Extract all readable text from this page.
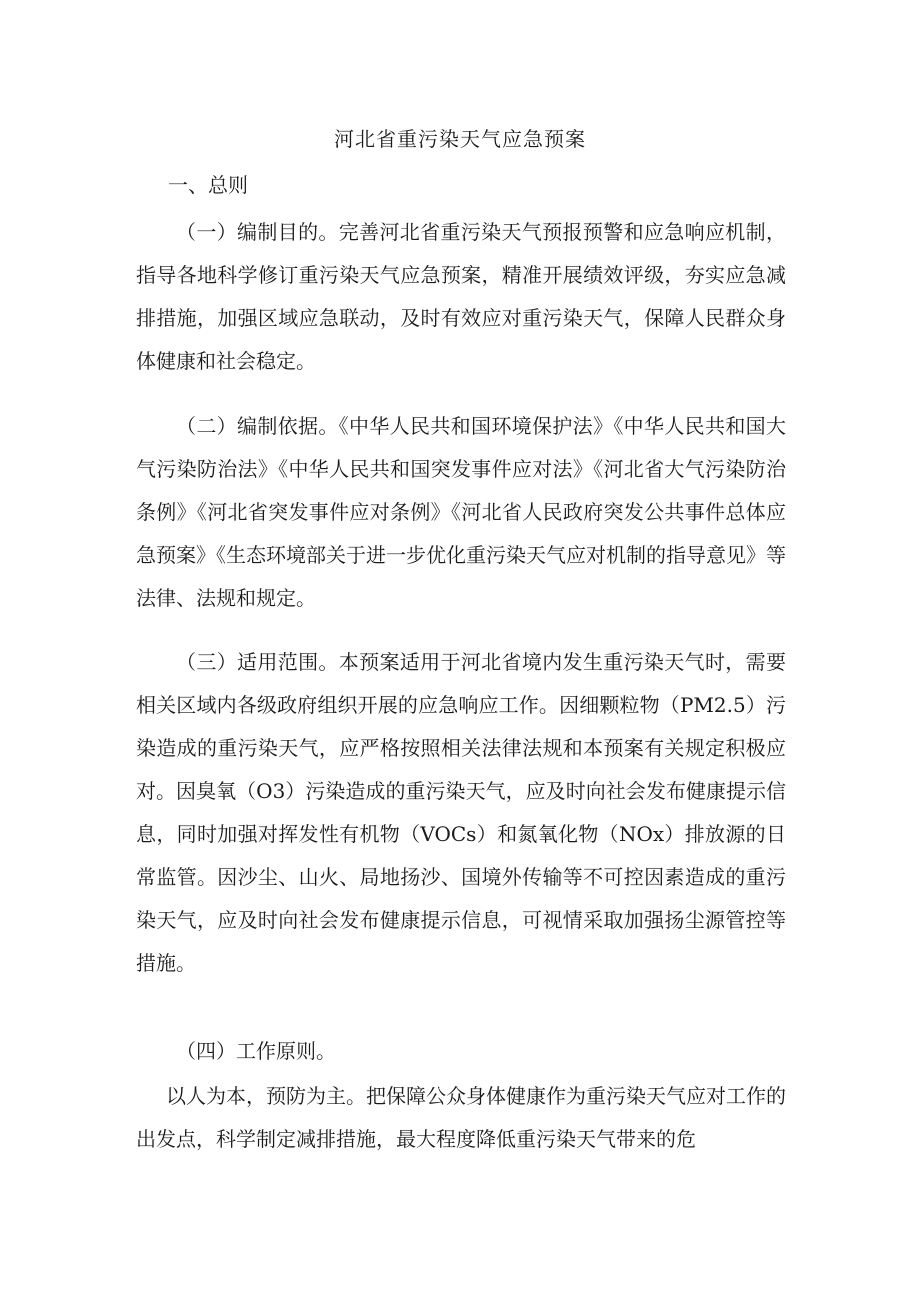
河北省重污染天气应急预案
一、总则

（一）编制目的。完善河北省重污染天气预报预警和应急响应机制，指导各地科学修订重污染天气应急预案，精准开展绩效评级，夯实应急减排措施，加强区域应急联动，及时有效应对重污染天气，保障人民群众身体健康和社会稳定。

（二）编制依据。《中华人民共和国环境保护法》《中华人民共和国大气污染防治法》《中华人民共和国突发事件应对法》《河北省大气污染防治条例》《河北省突发事件应对条例》《河北省人民政府突发公共事件总体应急预案》《生态环境部关于进一步优化重污染天气应对机制的指导意见》等法律、法规和规定。

（三）适用范围。本预案适用于河北省境内发生重污染天气时，需要相关区域内各级政府组织开展的应急响应工作。因细颗粒物（PM2.5）污染造成的重污染天气，应严格按照相关法律法规和本预案有关规定积极应对。因臭氧（O3）污染造成的重污染天气，应及时向社会发布健康提示信息，同时加强对挥发性有机物（VOCs）和氮氧化物（NOx）排放源的日常监管。因沙尘、山火、局地扬沙、国境外传输等不可控因素造成的重污染天气，应及时向社会发布健康提示信息，可视情采取加强扬尘源管控等措施。

（四）工作原则。

以人为本，预防为主。把保障公众身体健康作为重污染天气应对工作的出发点，科学制定减排措施，最大程度降低重污染天气带来的危
